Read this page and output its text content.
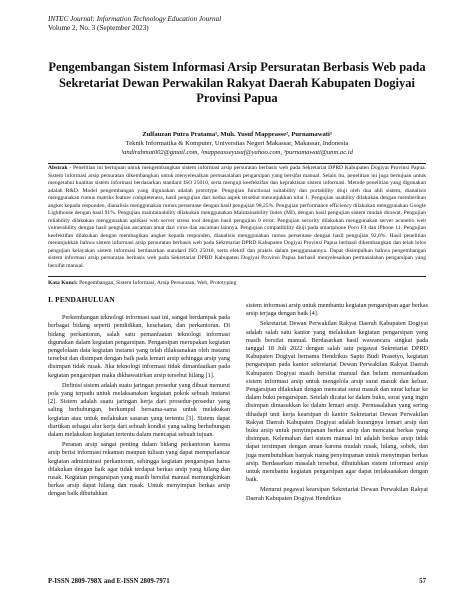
INTEC Journal: Information Technology Education Journal
Volume 2, No. 3 (September 2023)
Pengembangan Sistem Informasi Arsip Persuratan Berbasis Web pada Sekretariat Dewan Perwakilan Rakyat Daerah Kabupaten Dogiyai Provinsi Papua
Zulfauzan Putra Pratama¹, Muh. Yusuf Mappeasse², Purnamawati³
Teknik Informatika & Komputer, Universitas Negeri Makassar, Makassar, Indonesia
¹andirahmat002@gmail.com, ²mappeasseyusuf@yahoo.com, ³purnamawati@unm.ac.id
Abstrak - Penelitian ini bertujuan untuk mengembangkan sistem informasi arsip persuratan berbasis web pada Sekretariat DPRD Kabupaten Dogiyai Provinsi Papua. Sistem informasi arsip persuratan dikembangkan untuk menyelesaikan permasalahan pengarsipan yang bersifat manual. Selain itu, penelitian ini juga bertujuan untuk mengetahui kualitas sistem informasi berdasarkan standard ISO 25010, serta menguji keefektifan dan kepraktisan sistem informasi. Metode penelitian yang digunakan adalah R&D. Model pengembangan yang digunakan adalah prototype. Pengujian functional suitability dan portability diuji oleh dua ahli sistem, dianalisis menggunakan rumus matriks feature completeness, hasil pengujian dari kedua aspek tersebut menunjukkan nilai 1. Pengujian usability dilakukan dengan memberikan angket kepada responden, dianalisis menggunakan rumus persentase dengan hasil pengujian 98,25%. Pengujian performance efficiency dilakukan menggunakan Google Lighthouse dengan hasil 91%. Pengujian maintainability dilakukan menggunakan Maintainability Index (MI), dengan hasil pengujian sistem mudah dirawat. Pengujian reliability dilakukan menggunakan aplikasi web server stress tool dengan hasil pengujian 0 error. Pengujian security dilakukan menggunakan server acunetix web vulnerability dengan hasil pengujian ancaman amat dari virus dan ancaman lainnya. Pengujian compatibility diuji pada smartphone Poco F4 dan iPhone 11. Pengujian keefektifan dilakukan dengan membagikan angket kepada responden, dianalisis menggunakan rumus persentase dengan hasil pengujian 92,6%. Hasil penelitian menunjukkan bahwa sistem informasi arsip persuratan berbasis web pada Sekretariat DPRD Kabupaten Dogiyai Provinsi Papua berhasil dikembangkan dan telah lolos pengujian kelayakan sistem informasi berdasarkan standard ISO 25010, serta efektif dan praktis dalam penggunaannya. Dapat disimpulkan bahwa pengembangan sistem informasi arsip persuratan berbasis web pada Sekretariat DPRD Kabupaten Dogiyai Provinsi Papua berhasil menyelesaikan permasalahan pengarsipan yang bersifat manual.
Kata Kunci: Pengembangan, Sistem Informasi, Arsip Persuratan, Web, Prototyping
I. PENDAHULUAN

Perkembangan teknologi informasi saat ini, sangat berdampak pada berbagai bidang seperti pendidikan, kesehatan, dan perkantoran. Di bidang perkantoran, salah satu pemanfaatan teknologi informasi digunakan dalam kegiatan pengarsipan. Pengarsipan merupakan kegiatan pengelolaan data kegiatan instansi yang telah dilaksanakan oleh instansi tersebut dan disimpan dengan baik pada lemari arsip sehingga arsip yang disimpan tidak rusak. Jika teknologi informasi tidak dimanfaatkan pada kegiatan pengarsipan maka dikhawatirkan arsip tersebut hilang [1].

Definisi sistem adalah suatu jaringan prosedur yang dibuat menurut pola yang terpadu untuk melaksanakan kegiatan pokok sebuah instansi [2]. Sistem adalah suatu jaringan kerja dari prosedur-prosedur yang saling berhubungan, berkumpul bersama-sama untuk melakukan kegiatan atau untuk melakukan sasaran yang tertentu [3]. Sistem dapat diartikan sebagai alur kerja dari sebuah kondisi yang saling berhubungan dalam melakukan kegiatan tertentu dalam mencapai sebuah tujuan.

Peranan arsip sangat penting dalam bidang perkantoran karena arsip berisi informasi rekaman maupun tulisan yang dapat memperlancar kegiatan administrasi perkantoran, sehingga kegiatan pengarsipan harus dilakukan dengan baik agar tidak terdapat berkas arsip yang hilang dan rusak. Kegiatan pengarsipan yang masih bersifat manual memungkinkan berkas arsip dapat hilang dan rusak. Untuk menyimpan berkas arsip dengan baik dibutuhkan

sistem informasi arsip untuk membantu kegiatan pengarsipan agar berkas arsip terjaga dengan baik [4].

Sekretariat Dewan Perwakilan Rakyat Daerah Kabupaten Dogiyai adalah salah satu kantor yang melakukan kegiatan pengarsipan yang masih bersifat manual. Berdasarkan hasil wawancara singkat pada tanggal 18 Juli 2022 dengan salah satu pegawai Sekretariat DPRD Kabupaten Dogiyai bernama Hendrikus Sapto Budi Prasetyo, kegiatan pengarsipan pada kantor sekretariat Dewan Perwakilan Rakyat Daerah Kabupaten Dogiyai masih bersifat manual dan belum memanfaatkan sistem informasi arsip untuk mengelola arsip surat masuk dan keluar. Pengarsipan dilakukan dengan mencatat surat masuk dan surat keluar ke dalam buku pengarsipan. Setelah dicatat ke dalam buku, surat yang ingin disimpan dimasukkan ke dalam lemari arsip. Permasalahan yang sering dihadapi unit kerja kearsipan di kantor Sekretariat Dewan Perwakilan Rakyat Daerah Kabupaten Dogiyai adalah kurangnya lemari arsip dan buku arsip untuk penyimpanan berkas arsip dan mencatat berkas yang disimpan. Kelemahan dari sistem manual ini adalah berkas arsip tidak dapat tersimpan dengan aman karena mudah rusak, hilang, sobek, dan juga membutuhkan banyak ruang penyimpanan untuk menyimpan berkas arsip. Berdasarkan masalah tersebut, dibutuhkan sistem informasi arsip untuk membantu kegiatan pengarsipan agar dapat terlaksanakan dengan baik.

Menurut pegawai kearsipan Sekretariat Dewan Perwakilan Rakyat Daerah Kabupaten Dogiyai Hendrikus

P-ISSN 2809-798X and E-ISSN 2809-7971	57
